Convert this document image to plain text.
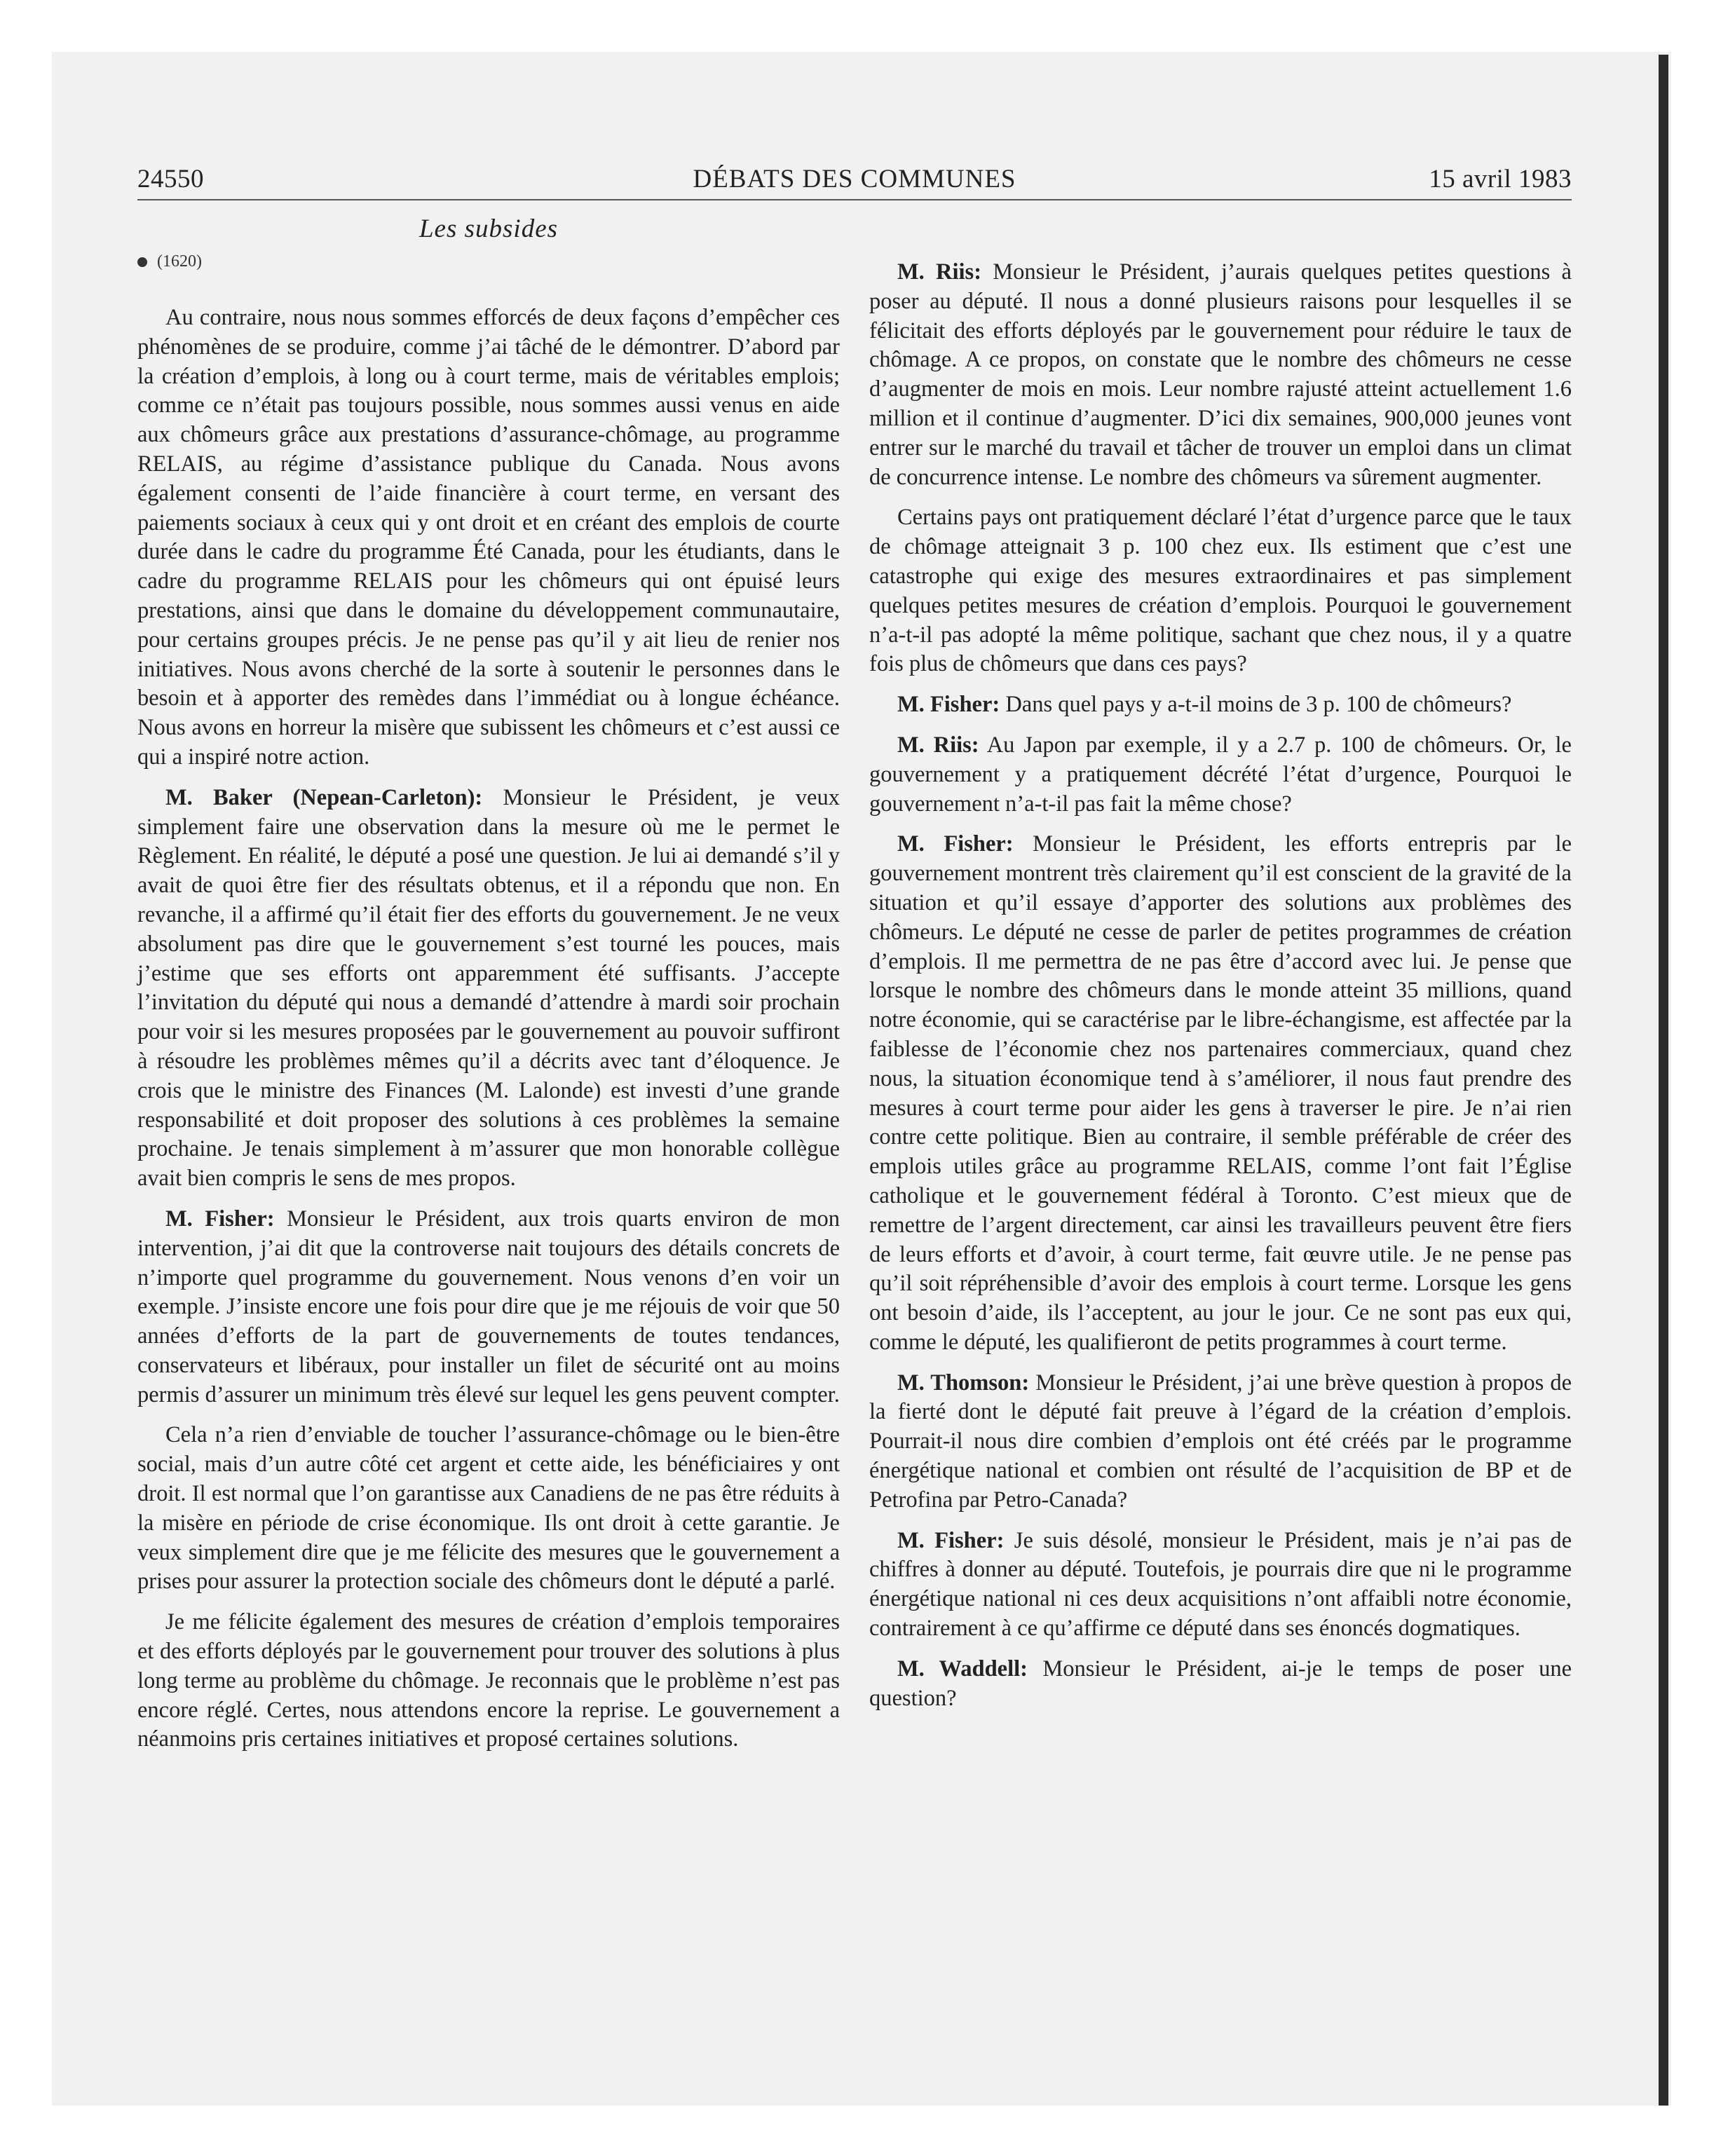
24550	DÉBATS DES COMMUNES	15 avril 1983
Les subsides
(1620)

Au contraire, nous nous sommes efforcés de deux façons d’empêcher ces phénomènes de se produire, comme j’ai tâché de le démontrer. D’abord par la création d’emplois, à long ou à court terme, mais de véritables emplois; comme ce n’était pas toujours possible, nous sommes aussi venus en aide aux chômeurs grâce aux prestations d’assurance-chômage, au programme RELAIS, au régime d’assistance publique du Canada. Nous avons également consenti de l’aide financière à court terme, en versant des paiements sociaux à ceux qui y ont droit et en créant des emplois de courte durée dans le cadre du programme Été Canada, pour les étudiants, dans le cadre du programme RELAIS pour les chômeurs qui ont épuisé leurs prestations, ainsi que dans le domaine du développement communautaire, pour certains groupes précis. Je ne pense pas qu’il y ait lieu de renier nos initiatives. Nous avons cherché de la sorte à soutenir le personnes dans le besoin et à apporter des remèdes dans l’immédiat ou à longue échéance. Nous avons en horreur la misère que subissent les chômeurs et c’est aussi ce qui a inspiré notre action.

M. Baker (Nepean-Carleton): Monsieur le Président, je veux simplement faire une observation dans la mesure où me le permet le Règlement. En réalité, le député a posé une question. Je lui ai demandé s’il y avait de quoi être fier des résultats obtenus, et il a répondu que non. En revanche, il a affirmé qu’il était fier des efforts du gouvernement. Je ne veux absolument pas dire que le gouvernement s’est tourné les pouces, mais j’estime que ses efforts ont apparemment été suffisants. J’accepte l’invitation du député qui nous a demandé d’attendre à mardi soir prochain pour voir si les mesures proposées par le gouvernement au pouvoir suffiront à résoudre les problèmes mêmes qu’il a décrits avec tant d’éloquence. Je crois que le ministre des Finances (M. Lalonde) est investi d’une grande responsabilité et doit proposer des solutions à ces problèmes la semaine prochaine. Je tenais simplement à m’assurer que mon honorable collègue avait bien compris le sens de mes propos.

M. Fisher: Monsieur le Président, aux trois quarts environ de mon intervention, j’ai dit que la controverse nait toujours des détails concrets de n’importe quel programme du gouvernement. Nous venons d’en voir un exemple. J’insiste encore une fois pour dire que je me réjouis de voir que 50 années d’efforts de la part de gouvernements de toutes tendances, conservateurs et libéraux, pour installer un filet de sécurité ont au moins permis d’assurer un minimum très élevé sur lequel les gens peuvent compter.

Cela n’a rien d’enviable de toucher l’assurance-chômage ou le bien-être social, mais d’un autre côté cet argent et cette aide, les bénéficiaires y ont droit. Il est normal que l’on garantisse aux Canadiens de ne pas être réduits à la misère en période de crise économique. Ils ont droit à cette garantie. Je veux simplement dire que je me félicite des mesures que le gouvernement a prises pour assurer la protection sociale des chômeurs dont le député a parlé.

Je me félicite également des mesures de création d’emplois temporaires et des efforts déployés par le gouvernement pour trouver des solutions à plus long terme au problème du chômage. Je reconnais que le problème n’est pas encore réglé. Certes, nous attendons encore la reprise. Le gouvernement a néanmoins pris certaines initiatives et proposé certaines solutions.

M. Riis: Monsieur le Président, j’aurais quelques petites questions à poser au député. Il nous a donné plusieurs raisons pour lesquelles il se félicitait des efforts déployés par le gouvernement pour réduire le taux de chômage. A ce propos, on constate que le nombre des chômeurs ne cesse d’augmenter de mois en mois. Leur nombre rajusté atteint actuellement 1.6 million et il continue d’augmenter. D’ici dix semaines, 900,000 jeunes vont entrer sur le marché du travail et tâcher de trouver un emploi dans un climat de concurrence intense. Le nombre des chômeurs va sûrement augmenter.

Certains pays ont pratiquement déclaré l’état d’urgence parce que le taux de chômage atteignait 3 p. 100 chez eux. Ils estiment que c’est une catastrophe qui exige des mesures extraordinaires et pas simplement quelques petites mesures de création d’emplois. Pourquoi le gouvernement n’a-t-il pas adopté la même politique, sachant que chez nous, il y a quatre fois plus de chômeurs que dans ces pays?

M. Fisher: Dans quel pays y a-t-il moins de 3 p. 100 de chômeurs?

M. Riis: Au Japon par exemple, il y a 2.7 p. 100 de chômeurs. Or, le gouvernement y a pratiquement décrété l’état d’urgence, Pourquoi le gouvernement n’a-t-il pas fait la même chose?

M. Fisher: Monsieur le Président, les efforts entrepris par le gouvernement montrent très clairement qu’il est conscient de la gravité de la situation et qu’il essaye d’apporter des solutions aux problèmes des chômeurs. Le député ne cesse de parler de petites programmes de création d’emplois. Il me permettra de ne pas être d’accord avec lui. Je pense que lorsque le nombre des chômeurs dans le monde atteint 35 millions, quand notre économie, qui se caractérise par le libre-échangisme, est affectée par la faiblesse de l’économie chez nos partenaires commerciaux, quand chez nous, la situation économique tend à s’améliorer, il nous faut prendre des mesures à court terme pour aider les gens à traverser le pire. Je n’ai rien contre cette politique. Bien au contraire, il semble préférable de créer des emplois utiles grâce au programme RELAIS, comme l’ont fait l’Église catholique et le gouvernement fédéral à Toronto. C’est mieux que de remettre de l’argent directement, car ainsi les travailleurs peuvent être fiers de leurs efforts et d’avoir, à court terme, fait œuvre utile. Je ne pense pas qu’il soit répréhensible d’avoir des emplois à court terme. Lorsque les gens ont besoin d’aide, ils l’acceptent, au jour le jour. Ce ne sont pas eux qui, comme le député, les qualifieront de petits programmes à court terme.

M. Thomson: Monsieur le Président, j’ai une brève question à propos de la fierté dont le député fait preuve à l’égard de la création d’emplois. Pourrait-il nous dire combien d’emplois ont été créés par le programme énergétique national et combien ont résulté de l’acquisition de BP et de Petrofina par Petro-Canada?

M. Fisher: Je suis désolé, monsieur le Président, mais je n’ai pas de chiffres à donner au député. Toutefois, je pourrais dire que ni le programme énergétique national ni ces deux acquisitions n’ont affaibli notre économie, contrairement à ce qu’affirme ce député dans ses énoncés dogmatiques.

M. Waddell: Monsieur le Président, ai-je le temps de poser une question?
